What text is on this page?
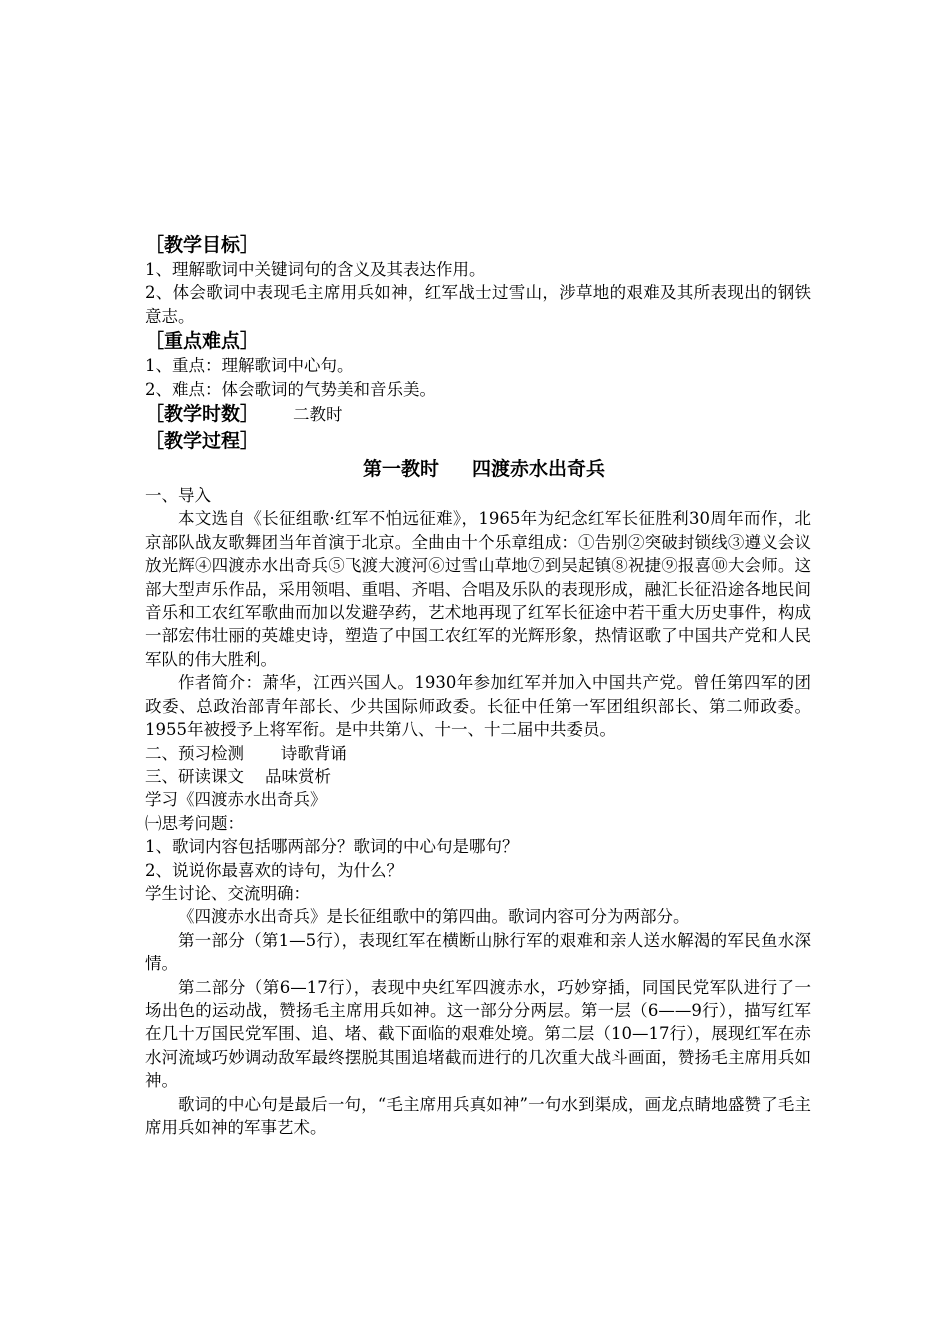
［教学目标］
1、理解歌词中关键词句的含义及其表达作用。
2、体会歌词中表现毛主席用兵如神，红军战士过雪山，涉草地的艰难及其所表现出的钢铁意志。
［重点难点］
1、重点：理解歌词中心句。
2、难点：体会歌词的气势美和音乐美。
［教学时数］ 二教时
［教学过程］
第一教时     四渡赤水出奇兵
一、导入
本文选自《长征组歌·红军不怕远征难》，1965年为纪念红军长征胜利30周年而作，北京部队战友歌舞团当年首演于北京。全曲由十个乐章组成：①告别②突破封锁线③遵义会议放光辉④四渡赤水出奇兵⑤飞渡大渡河⑥过雪山草地⑦到吴起镇⑧祝捷⑨报喜⑩大会师。这部大型声乐作品，采用领唱、重唱、齐唱、合唱及乐队的表现形成，融汇长征沿途各地民间音乐和工农红军歌曲而加以发避孕药，艺术地再现了红军长征途中若干重大历史事件，构成一部宏伟壮丽的英雄史诗，塑造了中国工农红军的光辉形象，热情讴歌了中国共产党和人民军队的伟大胜利。
作者简介：萧华，江西兴国人。1930年参加红军并加入中国共产党。曾任第四军的团政委、总政治部青年部长、少共国际师政委。长征中任第一军团组织部长、第二师政委。1955年被授予上将军衔。是中共第八、十一、十二届中共委员。
二、预习检测       诗歌背诵
三、研读课文    品味赏析
学习《四渡赤水出奇兵》
㈠思考问题：
1、歌词内容包括哪两部分？歌词的中心句是哪句？
2、说说你最喜欢的诗句，为什么？
学生讨论、交流明确：
《四渡赤水出奇兵》是长征组歌中的第四曲。歌词内容可分为两部分。
第一部分（第1—5行），表现红军在横断山脉行军的艰难和亲人送水解渴的军民鱼水深情。
第二部分（第6—17行），表现中央红军四渡赤水，巧妙穿插，同国民党军队进行了一场出色的运动战，赞扬毛主席用兵如神。这一部分分两层。第一层（6——9行），描写红军在几十万国民党军围、追、堵、截下面临的艰难处境。第二层（10—17行），展现红军在赤水河流域巧妙调动敌军最终摆脱其围追堵截而进行的几次重大战斗画面，赞扬毛主席用兵如神。
歌词的中心句是最后一句，“毛主席用兵真如神”一句水到渠成，画龙点睛地盛赞了毛主席用兵如神的军事艺术。
